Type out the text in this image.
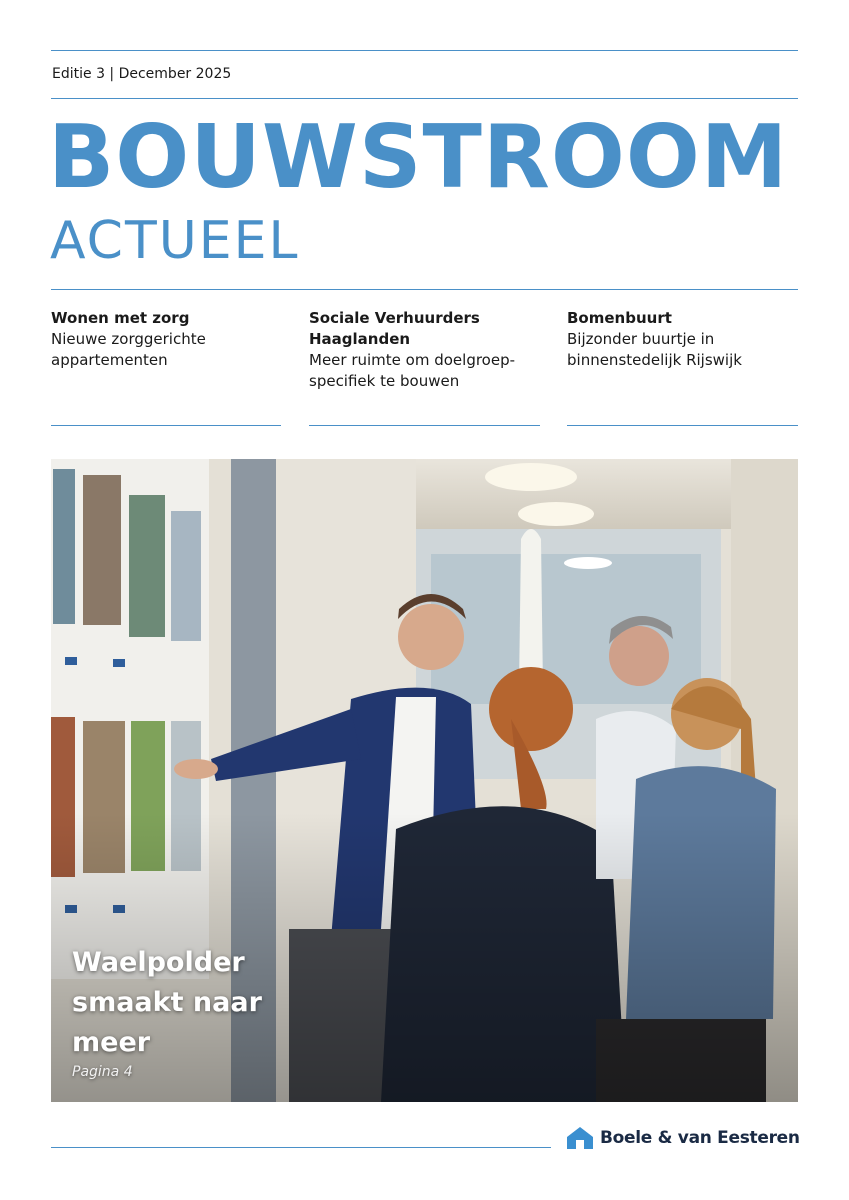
Editie 3 | December 2025
BOUWSTROOM
ACTUEEL
Wonen met zorg
Nieuwe zorggerichte appartementen
Sociale Verhuurders Haaglanden
Meer ruimte om doelgroep-specifiek te bouwen
Bomenbuurt
Bijzonder buurtje in binnenstedelijk Rijswijk
Waelpolder smaakt naar meer
Pagina 4
Boele & van Eesteren
